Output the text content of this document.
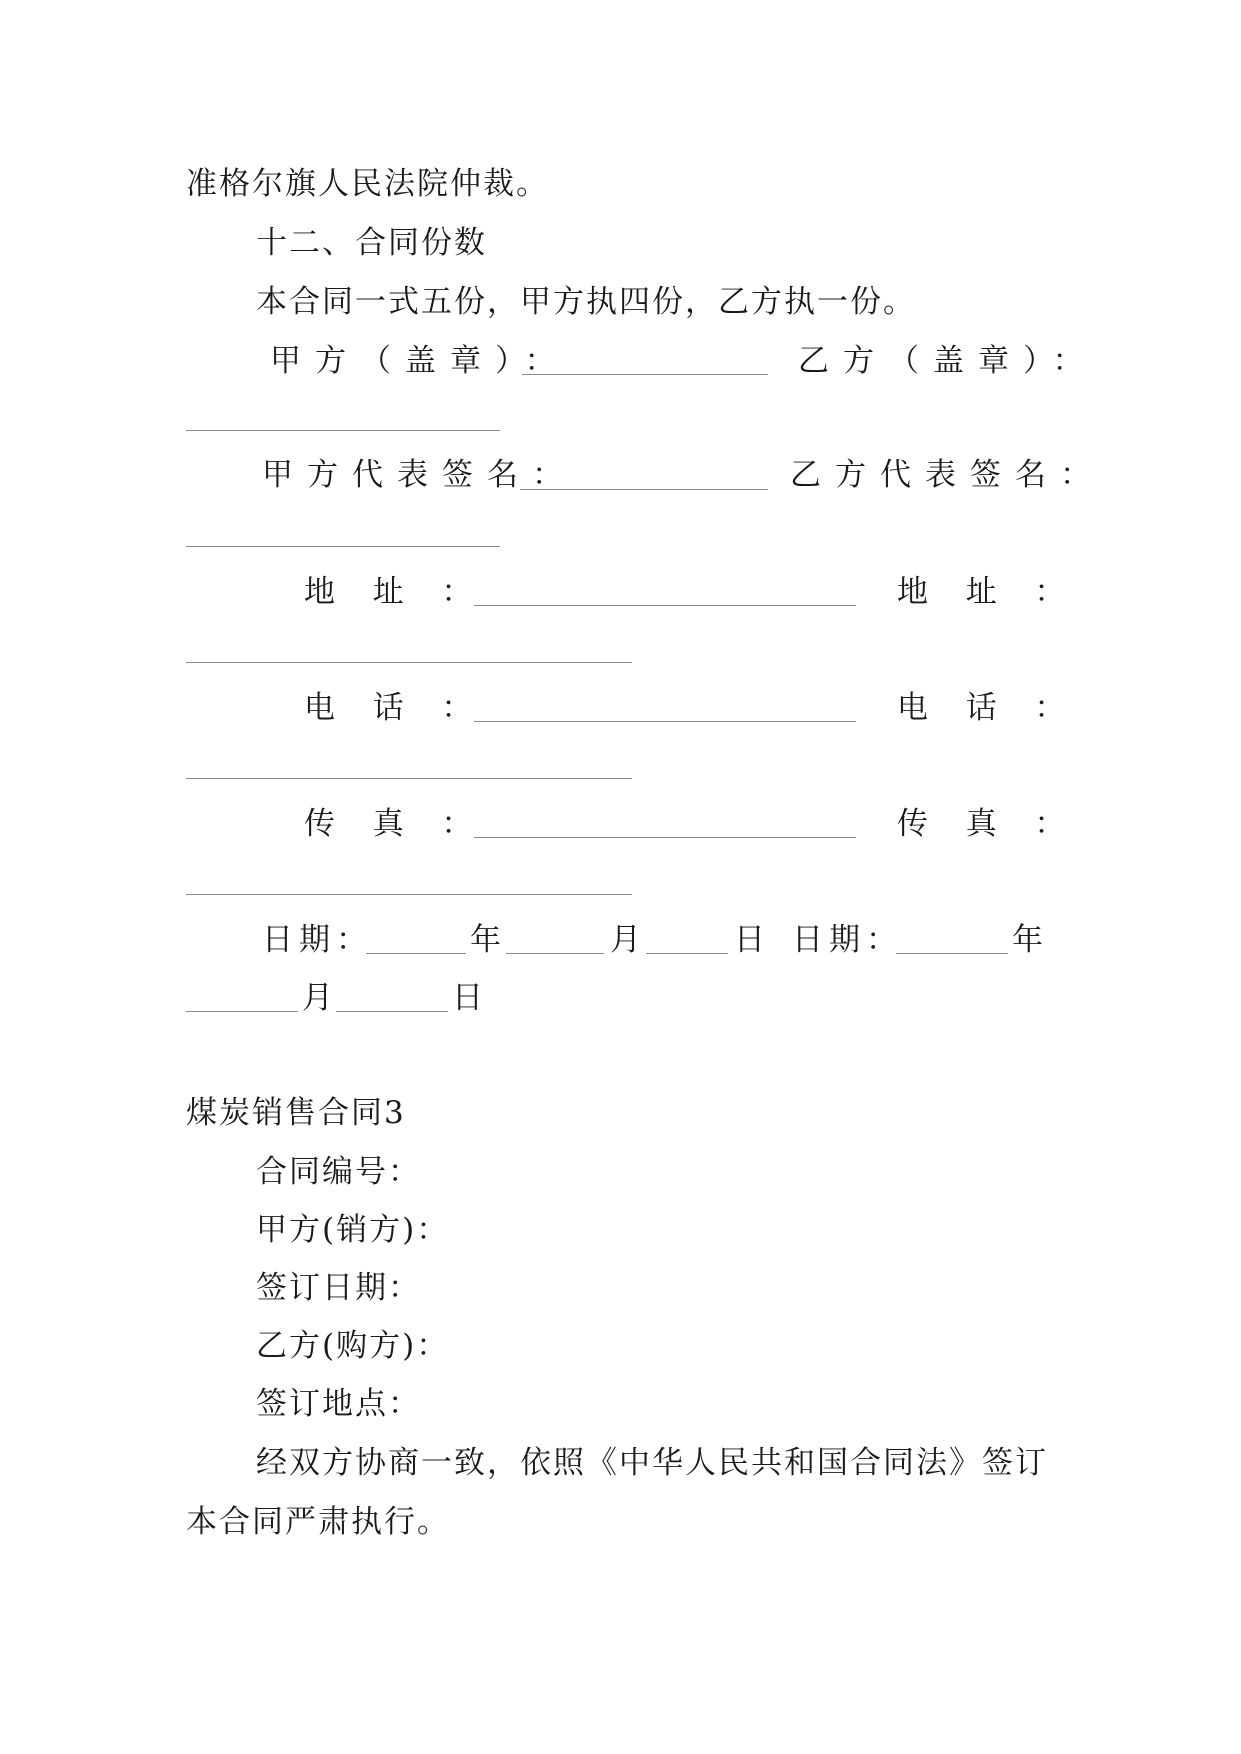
准格尔旗人民法院仲裁。
十二、合同份数
本合同一式五份，甲方执四份，乙方执一份。
甲方（盖章）：	乙方（盖章）：
甲方代表签名：	乙方代表签名：
地  址  ：	地  址  ：
电  话  ：	电  话  ：
传  真  ：	传  真  ：
日期：	年	月	日 日期：	年
月	日
煤炭销售合同3
合同编号：
甲方(销方)：
签订日期：
乙方(购方)：
签订地点：
经双方协商一致，依照《中华人民共和国合同法》签订
本合同严肃执行。
